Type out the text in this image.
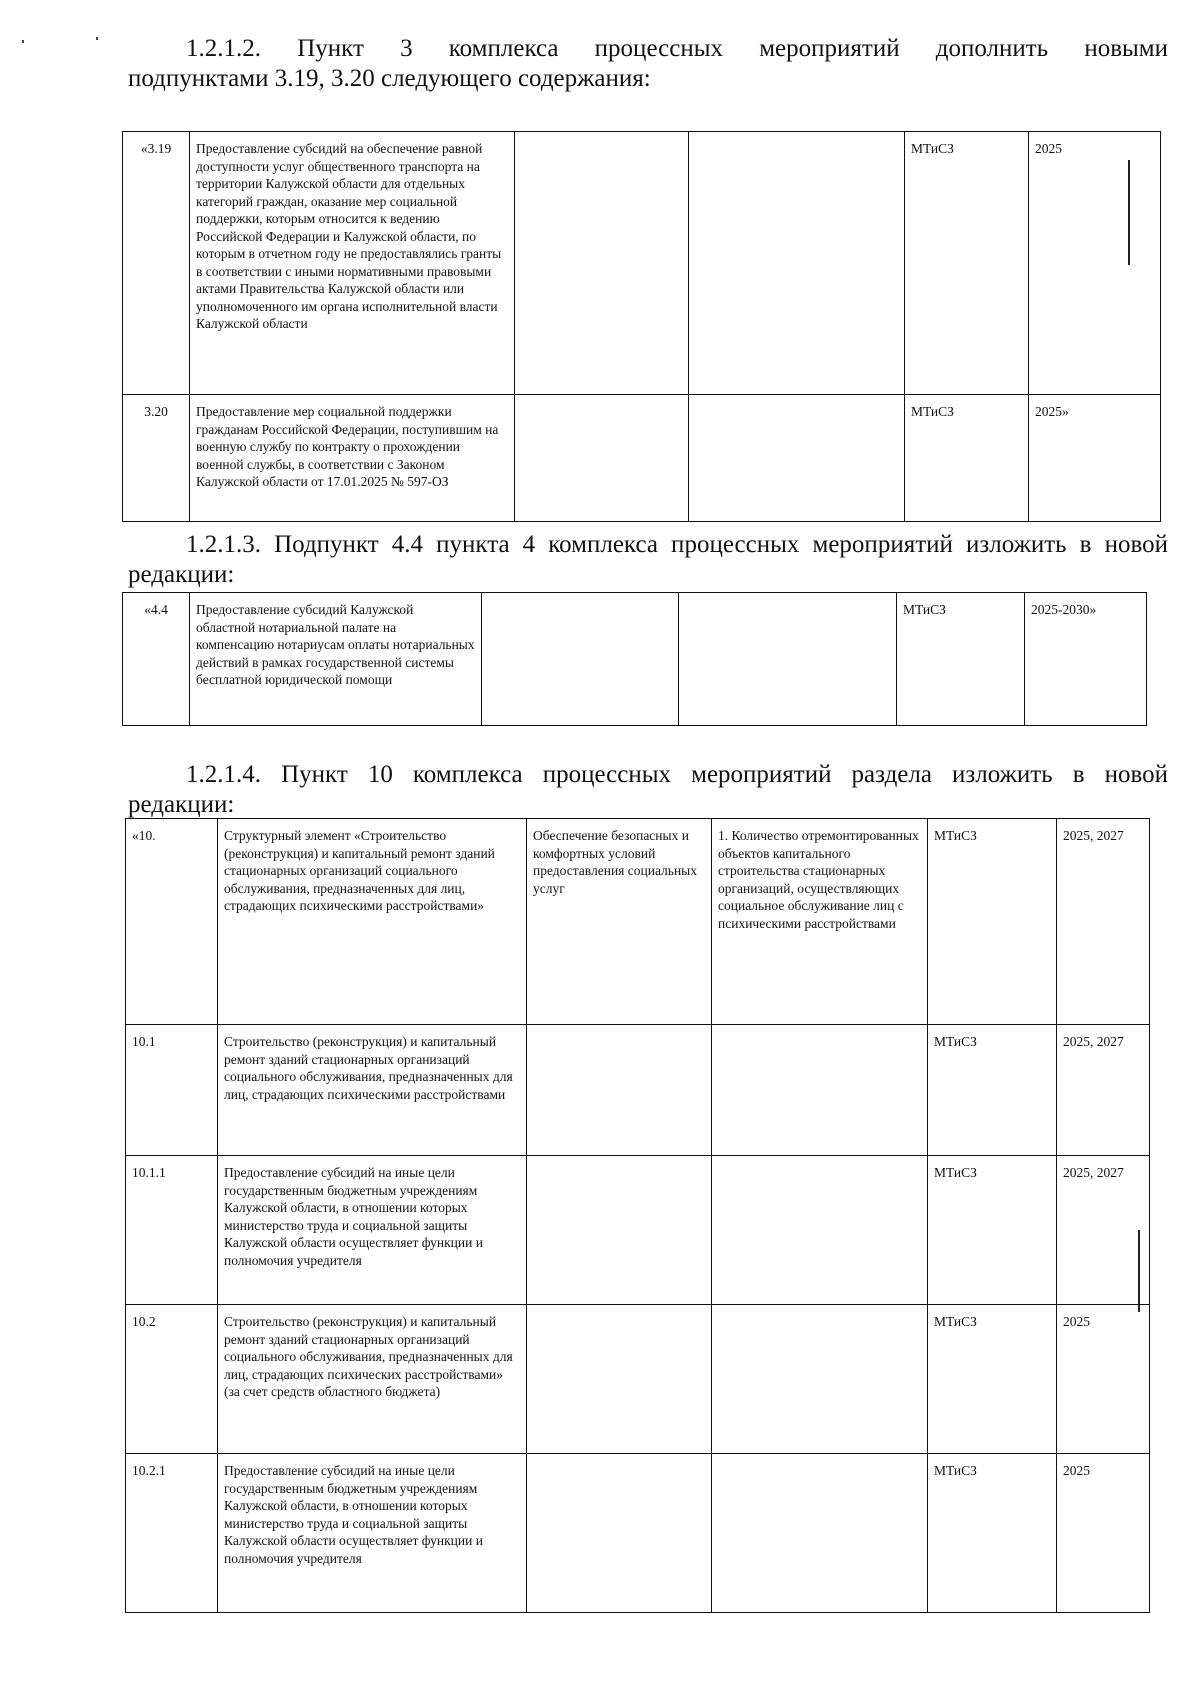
1.2.1.2. Пункт 3 комплекса процессных мероприятий дополнить новыми
подпунктами 3.19, 3.20 следующего содержания:
«3.19	Предоставление субсидий на обеспечение равной доступности услуг общественного транспорта на территории Калужской области для отдельных категорий граждан, оказание мер социальной поддержки, которым относится к ведению Российской Федерации и Калужской области, по которым в отчетном году не предоставлялись гранты в соответствии с иными нормативными правовыми актами Правительства Калужской области или уполномоченного им органа исполнительной власти Калужской области			МТиСЗ	2025
3.20	Предоставление мер социальной поддержки гражданам Российской Федерации, поступившим на военную службу по контракту о прохождении военной службы, в соответствии с Законом Калужской области от 17.01.2025 № 597-ОЗ			МТиСЗ	2025»
1.2.1.3. Подпункт 4.4 пункта 4 комплекса процессных мероприятий изложить в новой
редакции:
«4.4	Предоставление субсидий Калужской областной нотариальной палате на компенсацию нотариусам оплаты нотариальных действий в рамках государственной системы бесплатной юридической помощи			МТиСЗ	2025-2030»
1.2.1.4. Пункт 10 комплекса процессных мероприятий раздела изложить в новой
редакции:
«10.	Структурный элемент «Строительство (реконструкция) и капитальный ремонт зданий стационарных организаций социального обслуживания, предназначенных для лиц, страдающих психическими расстройствами»	Обеспечение безопасных и комфортных условий предоставления социальных услуг	1. Количество отремонтированных объектов капитального строительства стационарных организаций, осуществляющих социальное обслуживание лиц с психическими расстройствами	МТиСЗ	2025, 2027
10.1	Строительство (реконструкция) и капитальный ремонт зданий стационарных организаций социального обслуживания, предназначенных для лиц, страдающих психическими расстройствами			МТиСЗ	2025, 2027
10.1.1	Предоставление субсидий на иные цели государственным бюджетным учреждениям Калужской области, в отношении которых министерство труда и социальной защиты Калужской области осуществляет функции и полномочия учредителя			МТиСЗ	2025, 2027
10.2	Строительство (реконструкция) и капитальный ремонт зданий стационарных организаций социального обслуживания, предназначенных для лиц, страдающих психических расстройствами» (за счет средств областного бюджета)			МТиСЗ	2025
10.2.1	Предоставление субсидий на иные цели государственным бюджетным учреждениям Калужской области, в отношении которых министерство труда и социальной защиты Калужской области осуществляет функции и полномочия учредителя			МТиСЗ	2025
